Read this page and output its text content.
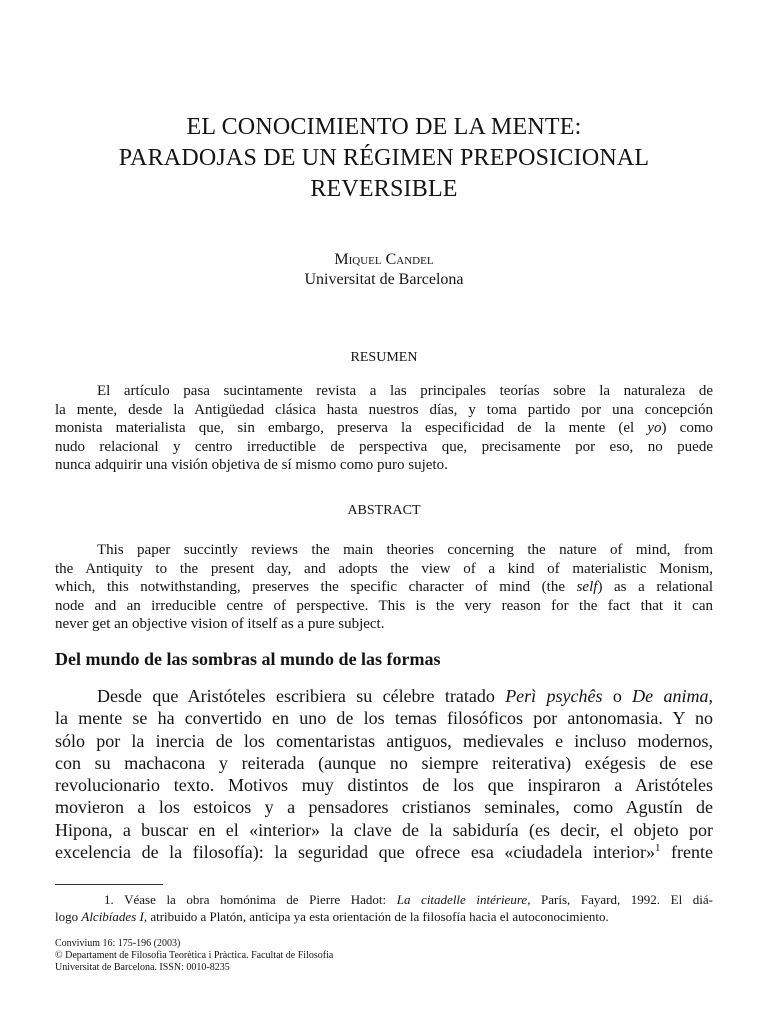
EL CONOCIMIENTO DE LA MENTE:
PARADOJAS DE UN RÉGIMEN PREPOSICIONAL
REVERSIBLE
Miquel Candel
Universitat de Barcelona
RESUMEN
El artículo pasa sucintamente revista a las principales teorías sobre la naturaleza de
la mente, desde la Antigüedad clásica hasta nuestros días, y toma partido por una concepción
monista materialista que, sin embargo, preserva la especificidad de la mente (el yo) como
nudo relacional y centro irreductible de perspectiva que, precisamente por eso, no puede
nunca adquirir una visión objetiva de sí mismo como puro sujeto.
ABSTRACT
This paper succintly reviews the main theories concerning the nature of mind, from
the Antiquity to the present day, and adopts the view of a kind of materialistic Monism,
which, this notwithstanding, preserves the specific character of mind (the self) as a relational
node and an irreducible centre of perspective. This is the very reason for the fact that it can
never get an objective vision of itself as a pure subject.
Del mundo de las sombras al mundo de las formas
Desde que Aristóteles escribiera su célebre tratado Perì psychês o De anima,
la mente se ha convertido en uno de los temas filosóficos por antonomasia. Y no
sólo por la inercia de los comentaristas antiguos, medievales e incluso modernos,
con su machacona y reiterada (aunque no siempre reiterativa) exégesis de ese
revolucionario texto. Motivos muy distintos de los que inspiraron a Aristóteles
movieron a los estoicos y a pensadores cristianos seminales, como Agustín de
Hipona, a buscar en el «interior» la clave de la sabiduría (es decir, el objeto por
excelencia de la filosofía): la seguridad que ofrece esa «ciudadela interior»$^1$ frente
1. Véase la obra homónima de Pierre Hadot: La citadelle intérieure, París, Fayard, 1992. El diá-
logo Alcibíades I, atribuido a Platón, anticipa ya esta orientación de la filosofía hacia el autoconocimiento.
Convivium 16: 175-196 (2003)
© Departament de Filosofia Teorètica i Pràctica. Facultat de Filosofia
Universitat de Barcelona. ISSN: 0010-8235
